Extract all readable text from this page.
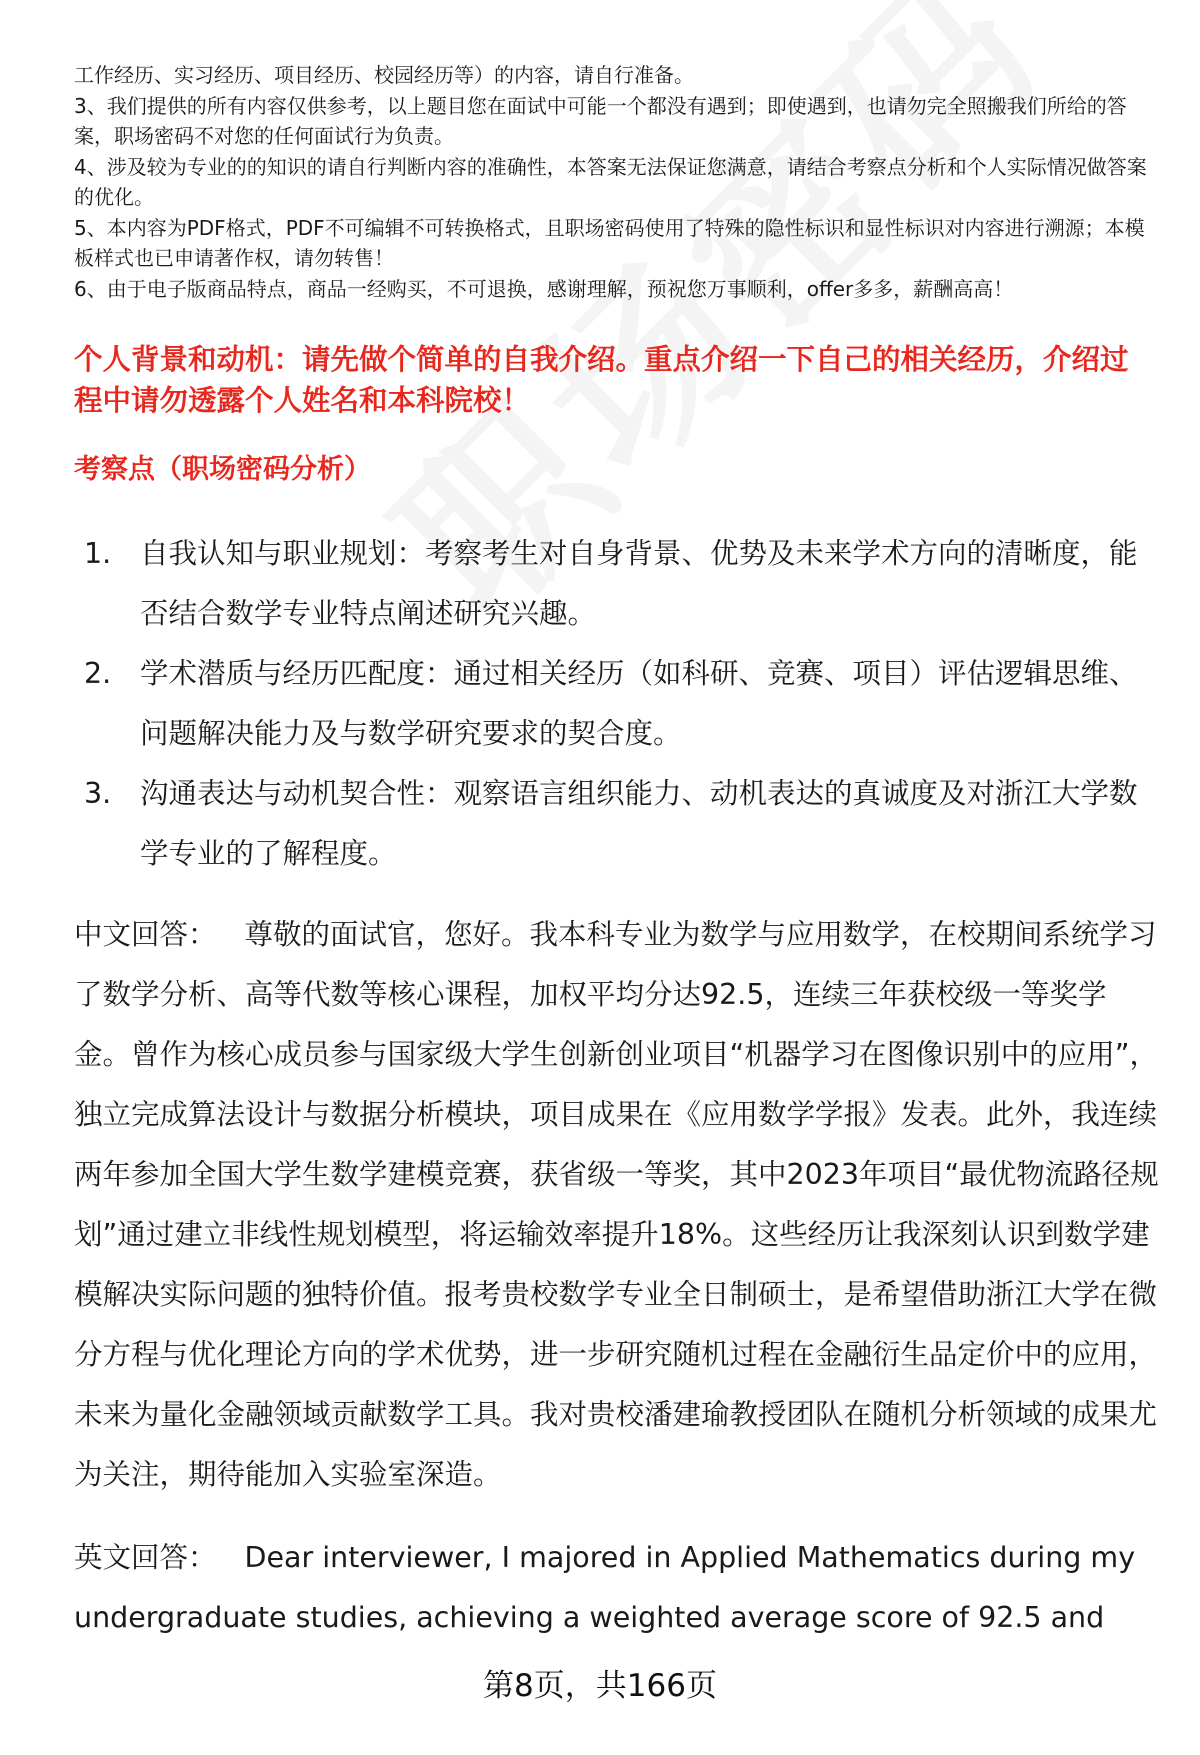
工作经历、实习经历、项目经历、校园经历等）的内容，请自行准备。

3、我们提供的所有内容仅供参考，以上题目您在面试中可能一个都没有遇到；即使遇到，也请勿完全照搬我们所给的答案，职场密码不对您的任何面试行为负责。

4、涉及较为专业的的知识的请自行判断内容的准确性，本答案无法保证您满意，请结合考察点分析和个人实际情况做答案的优化。

5、本内容为PDF格式，PDF不可编辑不可转换格式，且职场密码使用了特殊的隐性标识和显性标识对内容进行溯源；本模板样式也已申请著作权，请勿转售！

6、由于电子版商品特点，商品一经购买，不可退换，感谢理解，预祝您万事顺利，offer多多，薪酬高高！

个人背景和动机：请先做个简单的自我介绍。重点介绍一下自己的相关经历，介绍过程中请勿透露个人姓名和本科院校！
考察点（职场密码分析）
1.	自我认知与职业规划：考察考生对自身背景、优势及未来学术方向的清晰度，能否结合数学专业特点阐述研究兴趣。
2.	学术潜质与经历匹配度：通过相关经历（如科研、竞赛、项目）评估逻辑思维、问题解决能力及与数学研究要求的契合度。
3.	沟通表达与动机契合性：观察语言组织能力、动机表达的真诚度及对浙江大学数学专业的了解程度。

中文回答： 尊敬的面试官，您好。我本科专业为数学与应用数学，在校期间系统学习了数学分析、高等代数等核心课程，加权平均分达92.5，连续三年获校级一等奖学金。曾作为核心成员参与国家级大学生创新创业项目“机器学习在图像识别中的应用”，独立完成算法设计与数据分析模块，项目成果在《应用数学学报》发表。此外，我连续两年参加全国大学生数学建模竞赛，获省级一等奖，其中2023年项目“最优物流路径规划”通过建立非线性规划模型，将运输效率提升18%。这些经历让我深刻认识到数学建模解决实际问题的独特价值。报考贵校数学专业全日制硕士，是希望借助浙江大学在微分方程与优化理论方向的学术优势，进一步研究随机过程在金融衍生品定价中的应用，未来为量化金融领域贡献数学工具。我对贵校潘建瑜教授团队在随机分析领域的成果尤为关注，期待能加入实验室深造。

英文回答： Dear interviewer, I majored in Applied Mathematics during my undergraduate studies, achieving a weighted average score of 92.5 and

第8页，共166页
